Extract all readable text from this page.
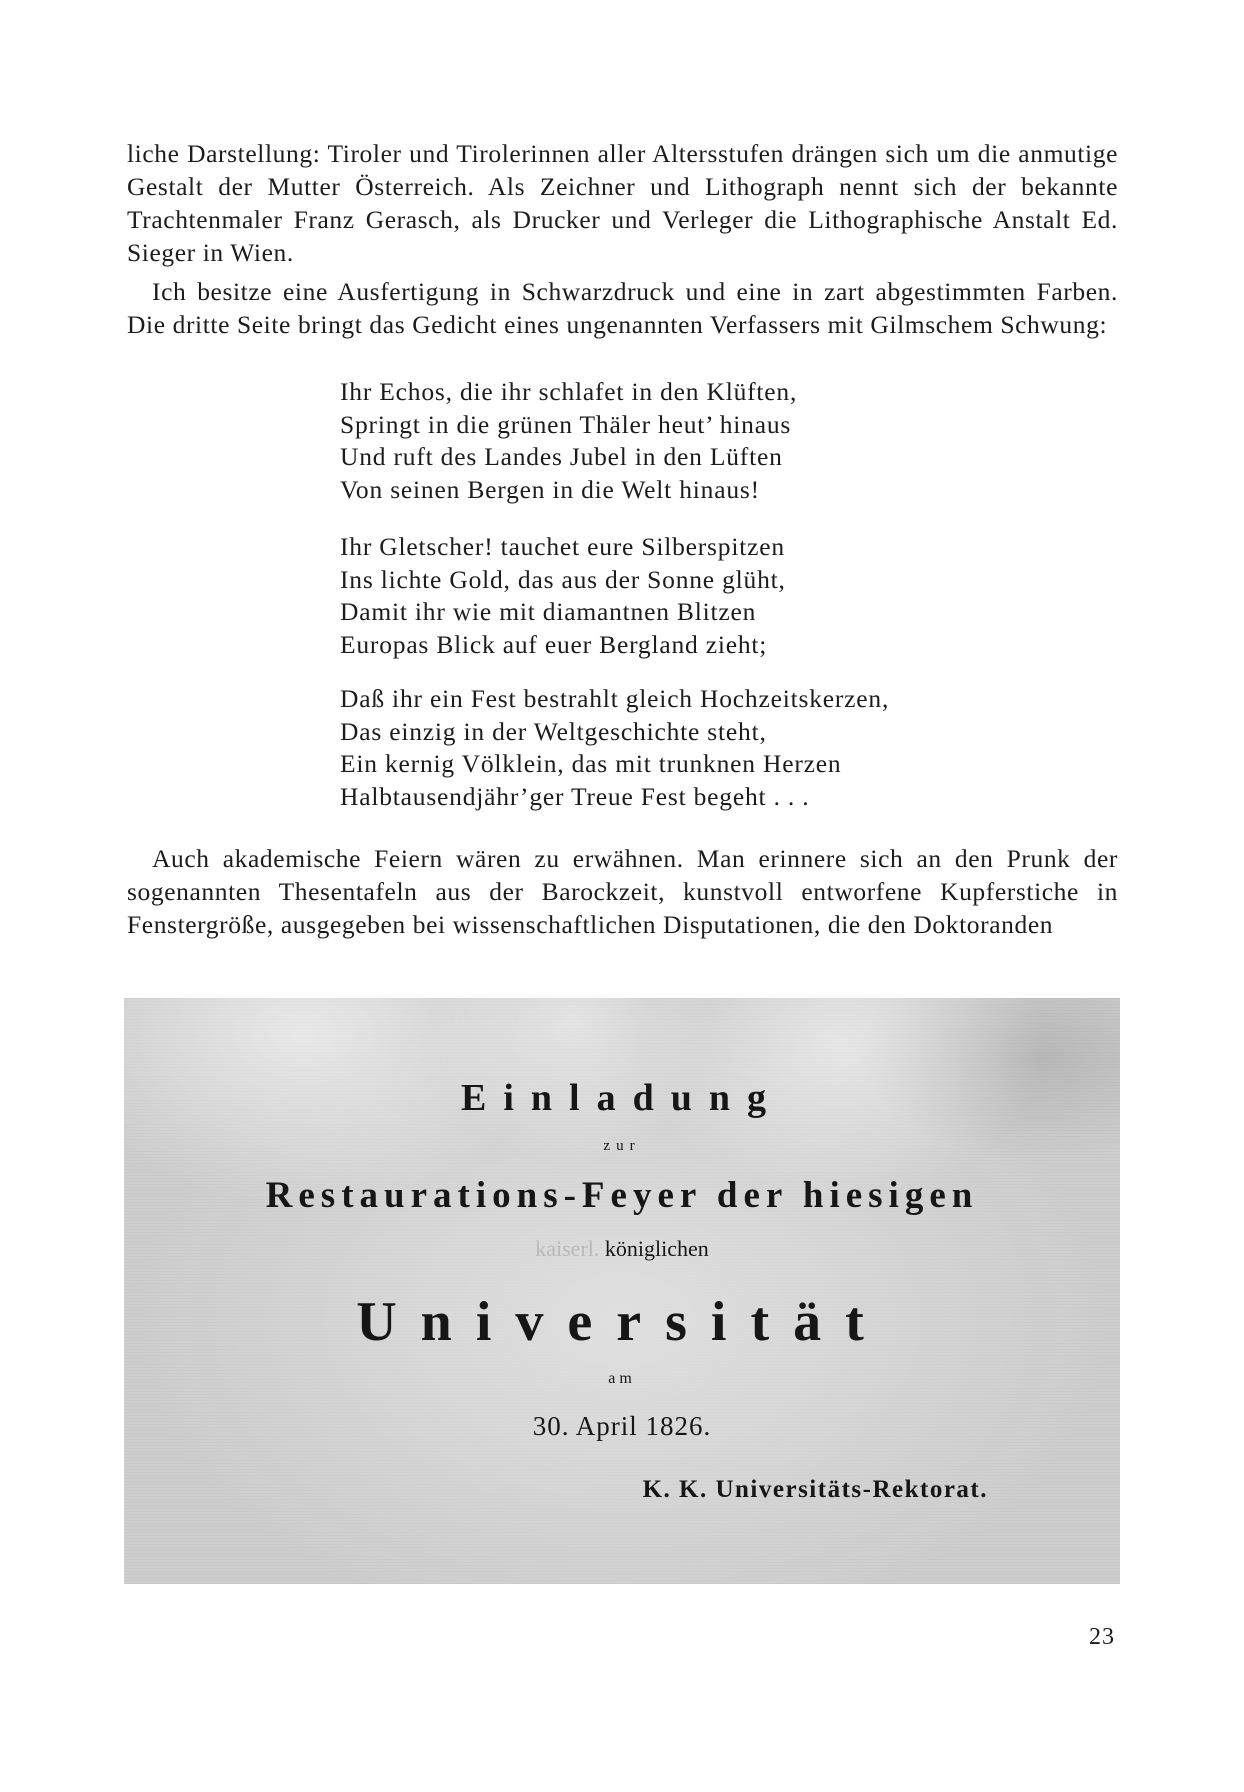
liche Darstellung: Tiroler und Tirolerinnen aller Altersstufen drängen sich um die anmutige Gestalt der Mutter Österreich. Als Zeichner und Lithograph nennt sich der bekannte Trachtenmaler Franz Gerasch, als Drucker und Verleger die Lithographische Anstalt Ed. Sieger in Wien.

Ich besitze eine Ausfertigung in Schwarzdruck und eine in zart abgestimmten Farben. Die dritte Seite bringt das Gedicht eines ungenannten Verfassers mit Gilmschem Schwung:

Ihr Echos, die ihr schlafet in den Klüften,
Springt in die grünen Thäler heut’ hinaus
Und ruft des Landes Jubel in den Lüften
Von seinen Bergen in die Welt hinaus!
Ihr Gletscher! tauchet eure Silberspitzen
Ins lichte Gold, das aus der Sonne glüht,
Damit ihr wie mit diamantnen Blitzen
Europas Blick auf euer Bergland zieht;
Daß ihr ein Fest bestrahlt gleich Hochzeitskerzen,
Das einzig in der Weltgeschichte steht,
Ein kernig Völklein, das mit trunknen Herzen
Halbtausendjähr’ger Treue Fest begeht . . .

Auch akademische Feiern wären zu erwähnen. Man erinnere sich an den Prunk der sogenannten Thesentafeln aus der Barockzeit, kunstvoll entworfene Kupferstiche in Fenstergröße, ausgegeben bei wissenschaftlichen Disputationen, die den Doktoranden

Einladung
zur
Restaurations-Feyer der hiesigen
kaiserl. königlichen
Universität
am
30. April 1826.
K. K. Universitäts-Rektorat.
23
